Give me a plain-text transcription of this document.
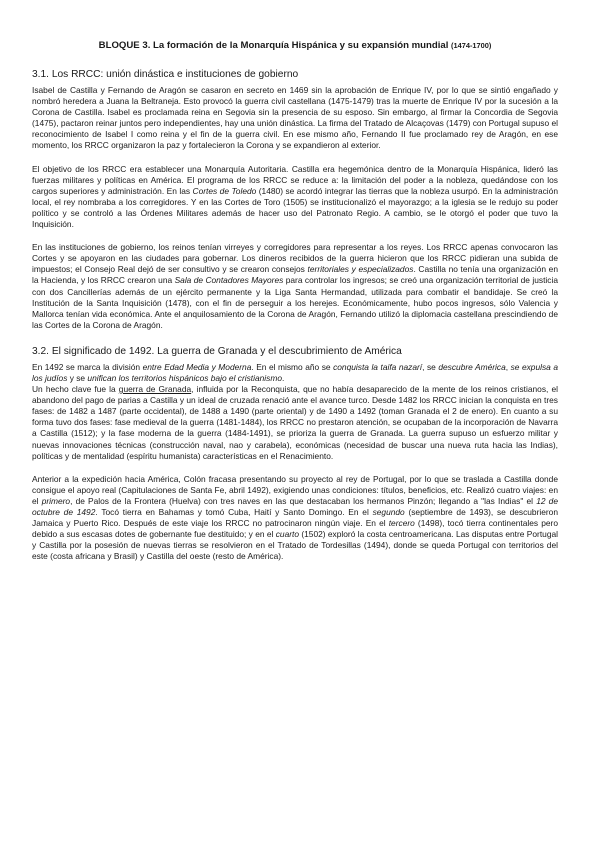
BLOQUE 3. La formación de la Monarquía Hispánica y su expansión mundial (1474-1700)
3.1. Los RRCC: unión dinástica e instituciones de gobierno

Isabel de Castilla y Fernando de Aragón se casaron en secreto en 1469 sin la aprobación de Enrique IV, por lo que se sintió engañado y nombró heredera a Juana la Beltraneja. Esto provocó la guerra civil castellana (1475-1479) tras la muerte de Enrique IV por la sucesión a la Corona de Castilla. Isabel es proclamada reina en Segovia sin la presencia de su esposo. Sin embargo, al firmar la Concordia de Segovia (1475), pactaron reinar juntos pero independientes, hay una unión dinástica. La firma del Tratado de Alcaçovas (1479) con Portugal supuso el reconocimiento de Isabel I como reina y el fin de la guerra civil. En ese mismo año, Fernando II fue proclamado rey de Aragón, en ese momento, los RRCC organizaron la paz y fortalecieron la Corona y se expandieron al exterior.

El objetivo de los RRCC era establecer una Monarquía Autoritaria. Castilla era hegemónica dentro de la Monarquía Hispánica, lideró las fuerzas militares y políticas en América. El programa de los RRCC se reduce a: la limitación del poder a la nobleza, quedándose con los cargos superiores y administración. En las Cortes de Toledo (1480) se acordó integrar las tierras que la nobleza usurpó. En la administración local, el rey nombraba a los corregidores. Y en las Cortes de Toro (1505) se institucionalizó el mayorazgo; a la iglesia se le redujo su poder político y se controló a las Órdenes Militares además de hacer uso del Patronato Regio. A cambio, se le otorgó el poder que tuvo la Inquisición.

En las instituciones de gobierno, los reinos tenían virreyes y corregidores para representar a los reyes. Los RRCC apenas convocaron las Cortes y se apoyaron en las ciudades para gobernar. Los dineros recibidos de la guerra hicieron que los RRCC pidieran una subida de impuestos; el Consejo Real dejó de ser consultivo y se crearon consejos territoriales y especializados. Castilla no tenía una organización en la Hacienda, y los RRCC crearon una Sala de Contadores Mayores para controlar los ingresos; se creó una organización territorial de justicia con dos Cancillerías además de un ejército permanente y la Liga Santa Hermandad, utilizada para combatir el bandidaje. Se creó la Institución de la Santa Inquisición (1478), con el fin de perseguir a los herejes. Económicamente, hubo pocos ingresos, sólo Valencia y Mallorca tenían vida económica. Ante el anquilosamiento de la Corona de Aragón, Fernando utilizó la diplomacia castellana prescindiendo de las Cortes de la Corona de Aragón.

3.2. El significado de 1492. La guerra de Granada y el descubrimiento de América

En 1492 se marca la división entre Edad Media y Moderna. En el mismo año se conquista la taifa nazarí, se descubre América, se expulsa a los judíos y se unifican los territorios hispánicos bajo el cristianismo.

Un hecho clave fue la guerra de Granada, influida por la Reconquista, que no había desaparecido de la mente de los reinos cristianos, el abandono del pago de parias a Castilla y un ideal de cruzada renació ante el avance turco. Desde 1482 los RRCC inician la conquista en tres fases: de 1482 a 1487 (parte occidental), de 1488 a 1490 (parte oriental) y de 1490 a 1492 (toman Granada el 2 de enero). En cuanto a su forma tuvo dos fases: fase medieval de la guerra (1481-1484), los RRCC no prestaron atención, se ocupaban de la incorporación de Navarra a Castilla (1512); y la fase moderna de la guerra (1484-1491), se prioriza la guerra de Granada. La guerra supuso un esfuerzo militar y nuevas innovaciones técnicas (construcción naval, nao y carabela), económicas (necesidad de buscar una nueva ruta hacia las Indias), políticas y de mentalidad (espíritu humanista) características en el Renacimiento.

Anterior a la expedición hacia América, Colón fracasa presentando su proyecto al rey de Portugal, por lo que se traslada a Castilla donde consigue el apoyo real (Capitulaciones de Santa Fe, abril 1492), exigiendo unas condiciones: títulos, beneficios, etc. Realizó cuatro viajes: en el primero, de Palos de la Frontera (Huelva) con tres naves en las que destacaban los hermanos Pinzón; llegando a "las Indias" el 12 de octubre de 1492. Tocó tierra en Bahamas y tomó Cuba, Haití y Santo Domingo. En el segundo (septiembre de 1493), se descubrieron Jamaica y Puerto Rico. Después de este viaje los RRCC no patrocinaron ningún viaje. En el tercero (1498), tocó tierra continentales pero debido a sus escasas dotes de gobernante fue destituido; y en el cuarto (1502) exploró la costa centroamericana. Las disputas entre Portugal y Castilla por la posesión de nuevas tierras se resolvieron en el Tratado de Tordesillas (1494), donde se queda Portugal con territorios del este (costa africana y Brasil) y Castilla del oeste (resto de América).
